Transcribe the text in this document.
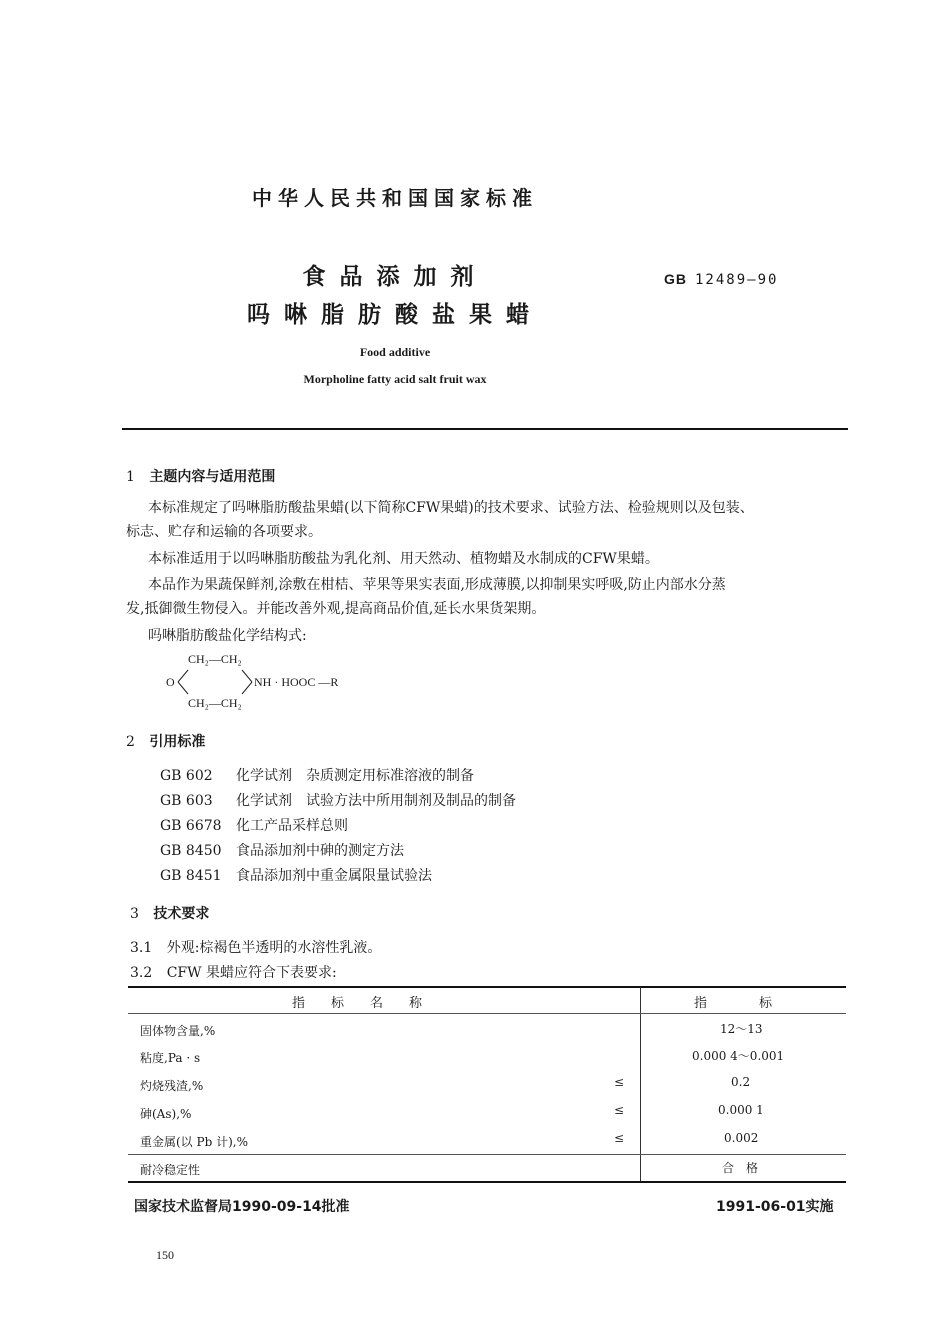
中华人民共和国国家标准
食品添加剂
吗啉脂肪酸盐果蜡
GB 12489—90
Food additive
Morpholine fatty acid salt fruit wax
1 主题内容与适用范围
本标准规定了吗啉脂肪酸盐果蜡(以下简称CFW果蜡)的技术要求、试验方法、检验规则以及包装、
标志、贮存和运输的各项要求。
本标准适用于以吗啉脂肪酸盐为乳化剂、用天然动、植物蜡及水制成的CFW果蜡。
本品作为果蔬保鲜剂,涂敷在柑桔、苹果等果实表面,形成薄膜,以抑制果实呼吸,防止内部水分蒸
发,抵御微生物侵入。并能改善外观,提高商品价值,延长水果货架期。
吗啉脂肪酸盐化学结构式:
CH₂—CH₂
O	NH · HOOC —R
CH₂—CH₂
2 引用标准
GB 602 化学试剂　杂质测定用标准溶液的制备
GB 603 化学试剂　试验方法中所用制剂及制品的制备
GB 6678 化工产品采样总则
GB 8450 食品添加剂中砷的测定方法
GB 8451 食品添加剂中重金属限量试验法
3 技术要求
3.1 外观:棕褐色半透明的水溶性乳液。
3.2 CFW 果蜡应符合下表要求:
指　　标　　名　　称	指　　　　标
固体物含量,%	12～13
粘度,Pa · s	0.000 4～0.001
灼烧残渣,%	≤	0.2
砷(As),%	≤	0.000 1
重金属(以 Pb 计),%	≤	0.002
耐冷稳定性	合　格
国家技术监督局1990-09-14批准	1991-06-01实施
150
